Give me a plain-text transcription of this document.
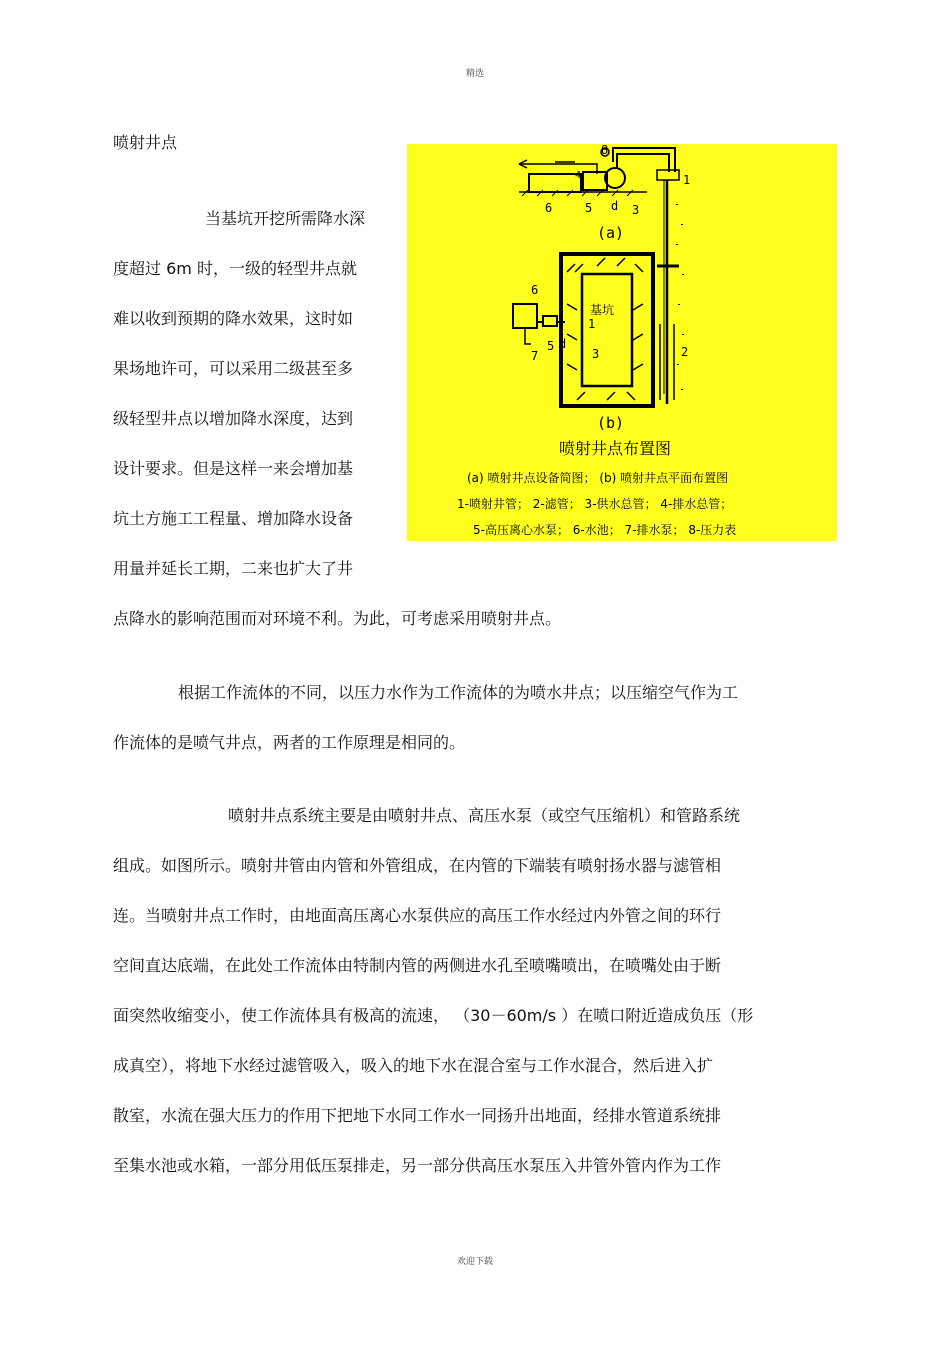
精选
喷射井点
当基坑开挖所需降水深
度超过 6m 时，一级的轻型井点就
难以收到预期的降水效果，这时如
果场地许可，可以采用二级甚至多
级轻型井点以增加降水深度，达到
设计要求。但是这样一来会增加基
坑土方施工工程量、增加降水设备
用量并延长工期，二来也扩大了井
点降水的影响范围而对环境不利。为此，可考虑采用喷射井点。
根据工作流体的不同，以压力水作为工作流体的为喷水井点；以压缩空气作为工
作流体的是喷气井点，两者的工作原理是相同的。
喷射井点系统主要是由喷射井点、高压水泵（或空气压缩机）和管路系统
组成。如图所示。喷射井管由内管和外管组成，在内管的下端装有喷射扬水器与滤管相
连。当喷射井点工作时，由地面高压离心水泵供应的高压工作水经过内外管之间的环行
空间直达底端，在此处工作流体由特制内管的两侧进水孔至喷嘴喷出，在喷嘴处由于断
面突然收缩变小，使工作流体具有极高的流速， （30－60m/s ）在喷口附近造成负压（形
成真空），将地下水经过滤管吸入，吸入的地下水在混合室与工作水混合，然后进入扩
散室，水流在强大压力的作用下把地下水同工作水一同扬升出地面，经排水管道系统排
至集水池或水箱，一部分用低压泵排走，另一部分供高压水泵压入井管外管内作为工作
8
1
4
6	5 d 3
(a)
基坑
6
1
5 d
3
7	2
(b)
喷射井点布置图
(a) 喷射井点设备简图； (b) 喷射井点平面布置图
1-喷射井管； 2-滤管； 3-供水总管； 4-排水总管；
5-高压离心水泵； 6-水池； 7-排水泵； 8-压力表
欢迎下载
